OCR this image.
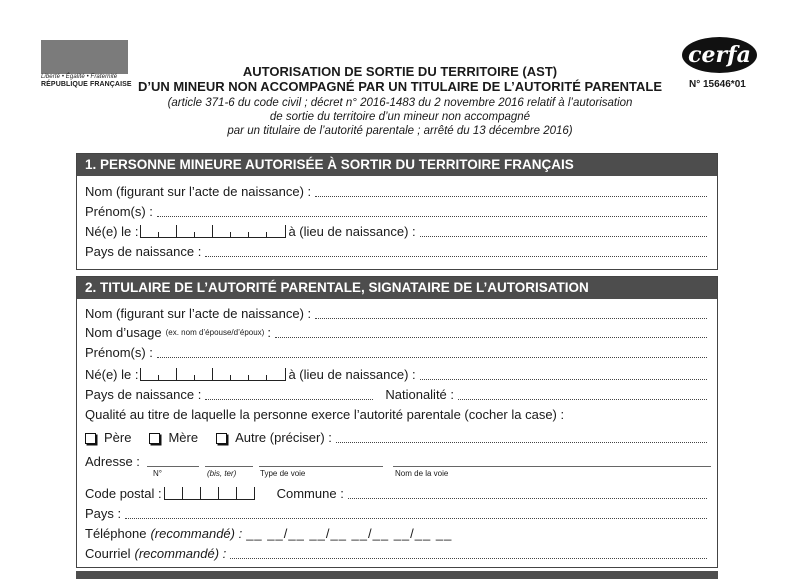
Liberté • Égalité • Fraternité
RÉPUBLIQUE FRANÇAISE
AUTORISATION DE SORTIE DU TERRITOIRE (AST)
D’UN MINEUR NON ACCOMPAGNÉ PAR UN TITULAIRE DE L’AUTORITÉ PARENTALE
(article 371-6 du code civil ; décret n° 2016-1483 du 2 novembre 2016 relatif à l’autorisation
de sortie du territoire d’un mineur non accompagné
par un titulaire de l’autorité parentale ; arrêté du 13 décembre 2016)
cerfa
N° 15646*01
1. PERSONNE MINEURE AUTORISÉE À SORTIR DU TERRITOIRE FRANÇAIS
Nom (figurant sur l’acte de naissance) :
Prénom(s) :
Né(e) le :	à (lieu de naissance) :
Pays de naissance :
2. TITULAIRE DE L’AUTORITÉ PARENTALE, SIGNATAIRE DE L’AUTORISATION
Nom (figurant sur l’acte de naissance) :
Nom d’usage (ex. nom d’épouse/d’époux) :
Prénom(s) :
Né(e) le :	à (lieu de naissance) :
Pays de naissance :	Nationalité :
Qualité au titre de laquelle la personne exerce l’autorité parentale (cocher la case) :
Père	Mère	Autre (préciser) :
Adresse :
N°	(bis, ter)	Type de voie	Nom de la voie
Code postal :	Commune :
Pays :
Téléphone (recommandé) : __ __/__ __/__ __/__ __/__ __
Courriel (recommandé) :
